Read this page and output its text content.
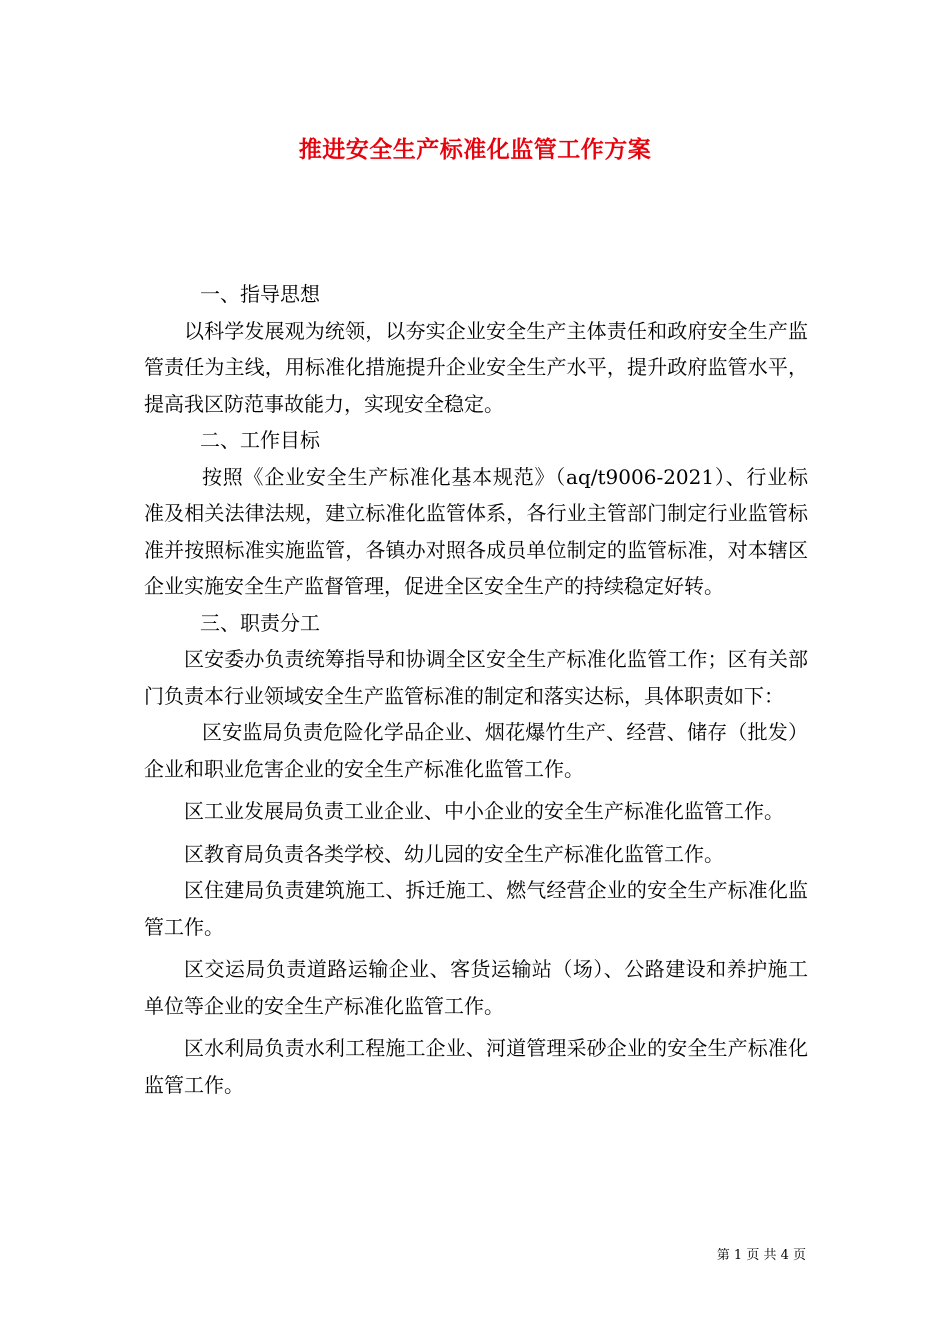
推进安全生产标准化监管工作方案

一、指导思想

以科学发展观为统领，以夯实企业安全生产主体责任和政府安全生产监管责任为主线，用标准化措施提升企业安全生产水平，提升政府监管水平，提高我区防范事故能力，实现安全稳定。

二、工作目标

按照《企业安全生产标准化基本规范》（aq/t9006-2021）、行业标准及相关法律法规，建立标准化监管体系，各行业主管部门制定行业监管标准并按照标准实施监管，各镇办对照各成员单位制定的监管标准，对本辖区企业实施安全生产监督管理，促进全区安全生产的持续稳定好转。

三、职责分工

区安委办负责统筹指导和协调全区安全生产标准化监管工作；区有关部门负责本行业领域安全生产监管标准的制定和落实达标，具体职责如下：

区安监局负责危险化学品企业、烟花爆竹生产、经营、储存（批发）企业和职业危害企业的安全生产标准化监管工作。

区工业发展局负责工业企业、中小企业的安全生产标准化监管工作。

区教育局负责各类学校、幼儿园的安全生产标准化监管工作。

区住建局负责建筑施工、拆迁施工、燃气经营企业的安全生产标准化监管工作。

区交运局负责道路运输企业、客货运输站（场）、公路建设和养护施工单位等企业的安全生产标准化监管工作。

区水利局负责水利工程施工企业、河道管理采砂企业的安全生产标准化监管工作。

第 1 页 共 4 页
